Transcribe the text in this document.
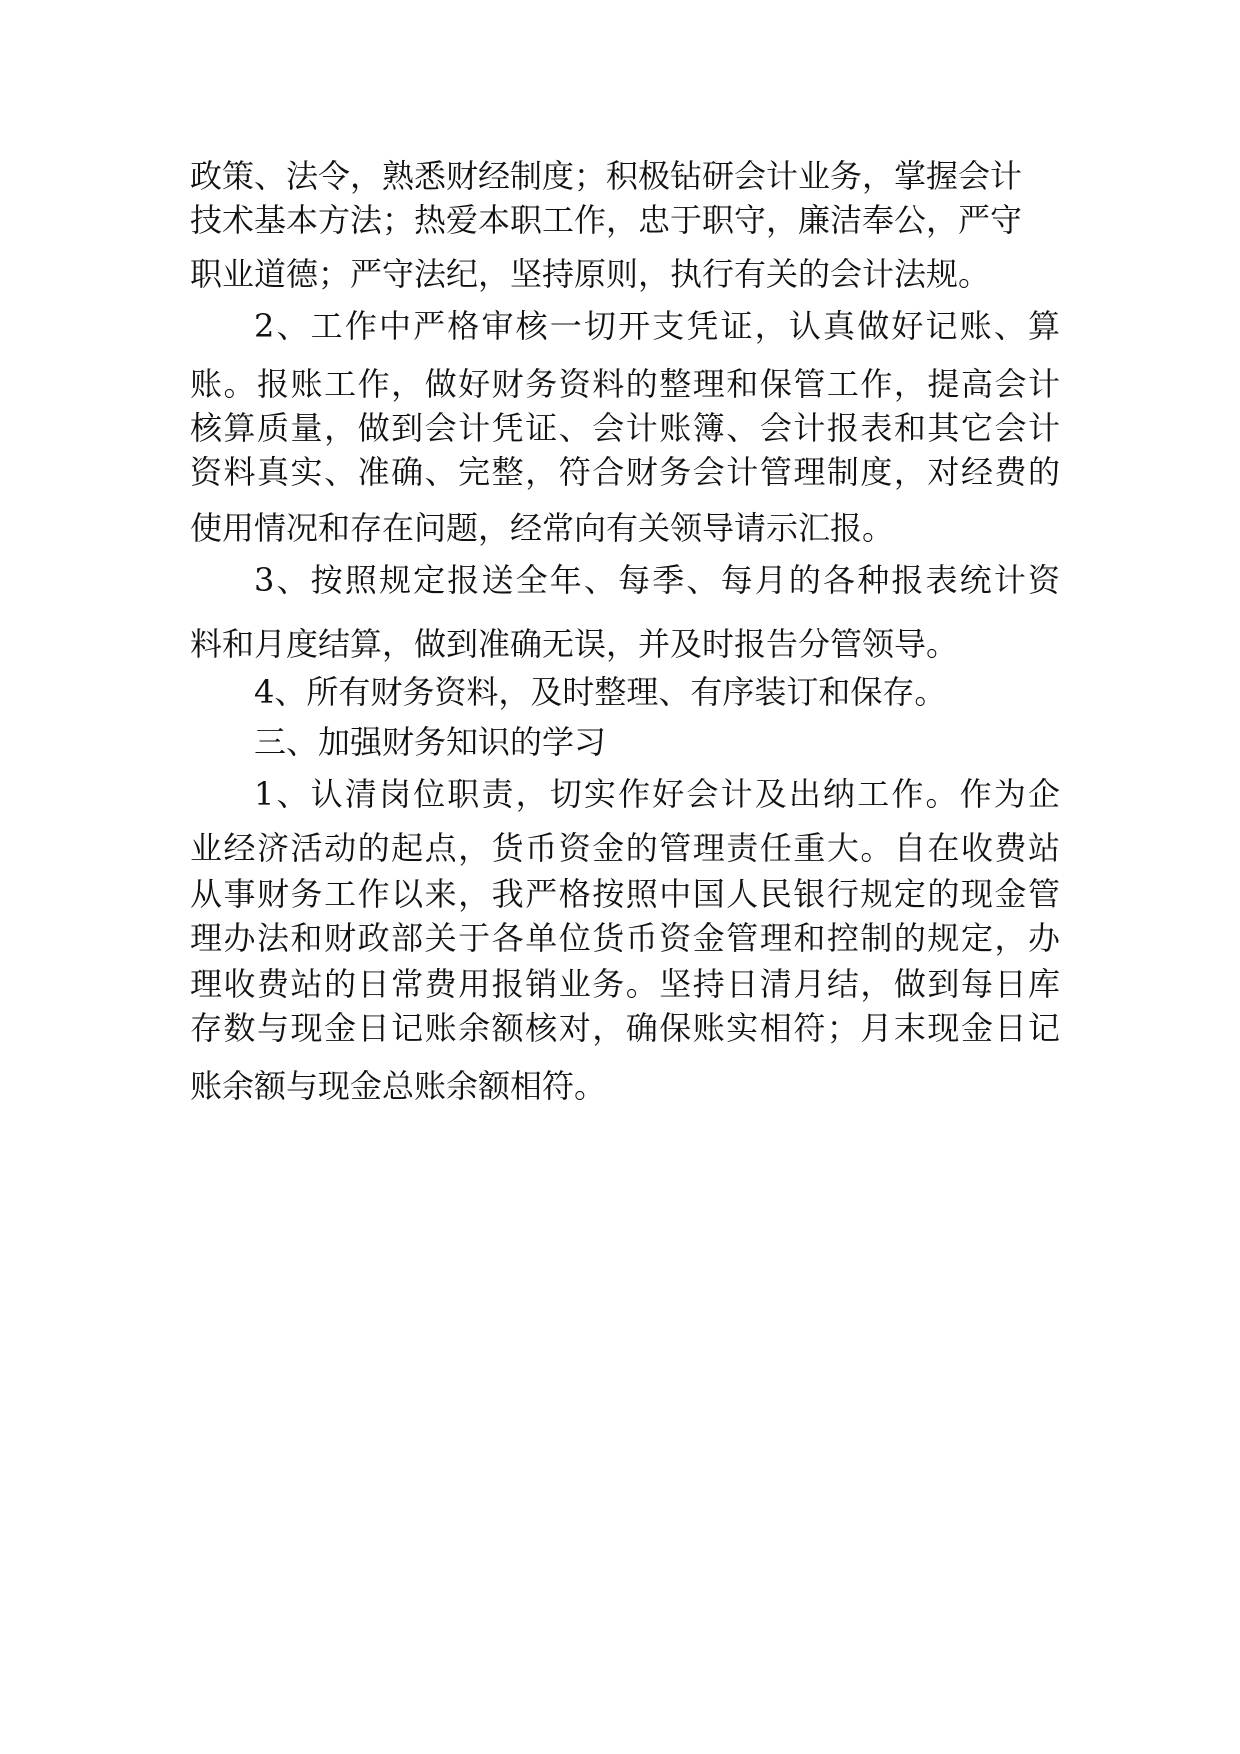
政策、法令，熟悉财经制度；积极钻研会计业务，掌握会计
技术基本方法；热爱本职工作，忠于职守，廉洁奉公，严守
职业道德；严守法纪，坚持原则，执行有关的会计法规。
2、工作中严格审核一切开支凭证，认真做好记账、算
账。报账工作，做好财务资料的整理和保管工作，提高会计
核算质量，做到会计凭证、会计账簿、会计报表和其它会计
资料真实、准确、完整，符合财务会计管理制度，对经费的
使用情况和存在问题，经常向有关领导请示汇报。
3、按照规定报送全年、每季、每月的各种报表统计资
料和月度结算，做到准确无误，并及时报告分管领导。
4、所有财务资料，及时整理、有序装订和保存。
三、加强财务知识的学习
1、认清岗位职责，切实作好会计及出纳工作。作为企
业经济活动的起点，货币资金的管理责任重大。自在收费站
从事财务工作以来，我严格按照中国人民银行规定的现金管
理办法和财政部关于各单位货币资金管理和控制的规定，办
理收费站的日常费用报销业务。坚持日清月结，做到每日库
存数与现金日记账余额核对，确保账实相符；月末现金日记
账余额与现金总账余额相符。
